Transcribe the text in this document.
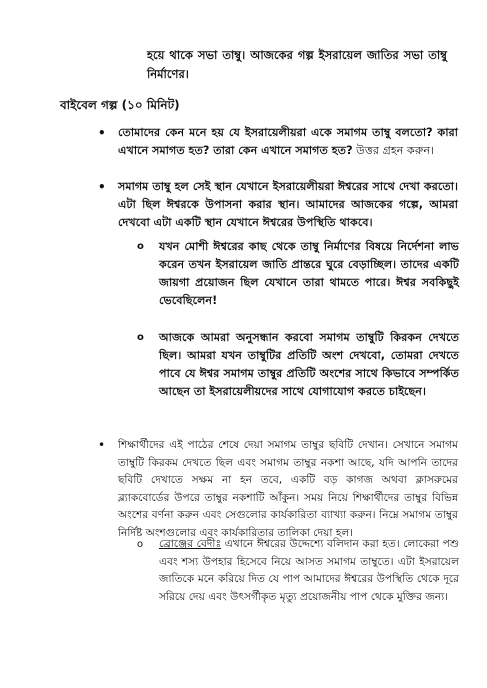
হয়ে থাকে সভা তাম্বু। আজকের গল্প ইসরায়েল জাতির সভা তাম্বু নির্মাণের।
বাইবেল গল্প (১০ মিনিট)
• তোমাদের কেন মনে হয় যে ইসরায়েলীয়রা একে সমাগম তাম্বু বলতো? কারা এখানে সমাগত হত? তারা কেন এখানে সমাগত হত? উত্তর গ্রহন করুন।
• সমাগম তাম্বু হল সেই স্থান যেখানে ইসরায়েলীয়রা ঈশ্বরের সাথে দেখা করতো। এটা ছিল ঈশ্বরকে উপাসনা করার স্থান। আমাদের আজকের গল্পে, আমরা দেখবো এটা একটি স্থান যেখানে ঈশ্বরের উপস্থিতি থাকবে।
o যখন মোশী ঈশ্বরের কাছ থেকে তাম্বু নির্মাণের বিষয়ে নির্দেশনা লাভ করেন তখন ইসরায়েল জাতি প্রান্তরে ঘুরে বেড়াচ্ছিল। তাদের একটি জায়গা প্রয়োজন ছিল যেখানে তারা থামতে পারে। ঈশ্বর সবকিছুই ভেবেছিলেন!
o আজকে আমরা অনুসন্ধান করবো সমাগম তাম্বুটি কিরকন দেখতে ছিল। আমরা যখন তাম্বুটির প্রতিটি অংশ দেখবো, তোমরা দেখতে পাবে যে ঈশ্বর সমাগম তাম্বুর প্রতিটি অংশের সাথে কিভাবে সম্পর্কিত আছেন তা ইসরায়েলীয়দের সাথে যোগাযোগ করতে চাইছেন।
• শিক্ষার্থীদের এই পাঠের শেষে দেয়া সমাগম তাম্বুর ছবিটি দেখান। সেখানে সমাগম তাম্বুটি কিরকম দেখতে ছিল এবং সমাগম তাম্বুর নকশা আছে, যদি আপনি তাদের ছবিটি দেখাতে সক্ষম না হন তবে, একটি বড় কাগজ অথবা ক্লাসরুমের ব্ল্যাকবোর্ডের উপরে তাম্বুর নকশাটি আঁকুন। সময় নিয়ে শিক্ষার্থীদের তাম্বুর বিভিন্ন অংশের বর্ণনা করুন এবং সেগুলোর কার্যকারিতা ব্যাখ্যা করুন। নিম্নে সমাগম তাম্বুর নির্দিষ্ট অংশগুলোর এবং কার্যকারিতার তালিকা দেয়া হল।
o ব্রোঞ্জের বেদীঃ এখানে ঈশ্বরের উদ্দেশ্যে বলিদান করা হত। লোকেরা পশু এবং শস্য উপহার হিসেবে নিয়ে আসত সমাগম তাম্বুতে। এটা ইসরায়েল জাতিকে মনে করিয়ে দিত যে পাপ আমাদের ঈশ্বরের উপস্থিতি থেকে দূরে সরিয়ে দেয় এবং উৎসর্গীকৃত মৃত্যু প্রয়োজনীয় পাপ থেকে মুক্তির জন্য।
